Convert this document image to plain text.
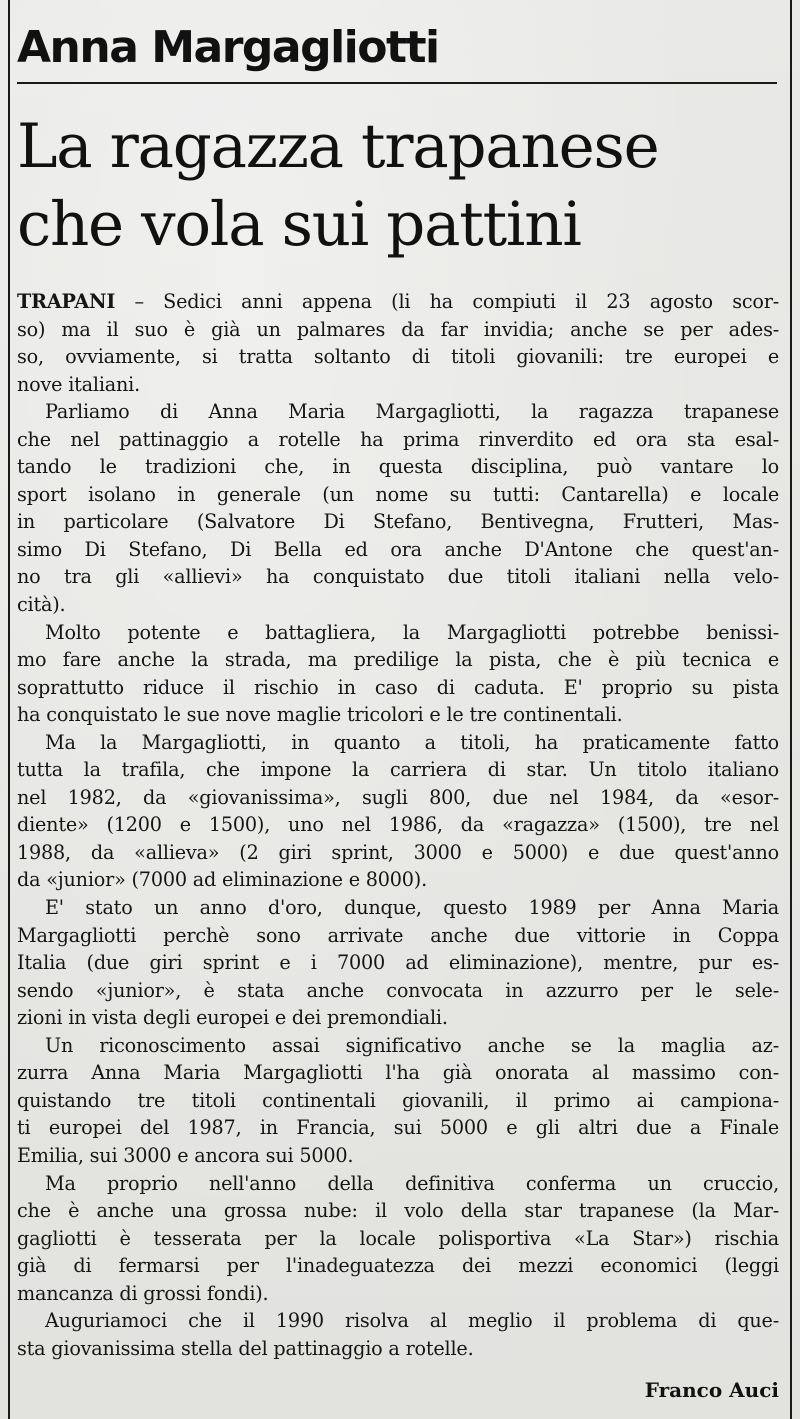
Anna Margagliotti
La ragazza trapanese
che vola sui pattini
TRAPANI – Sedici anni appena (li ha compiuti il 23 agosto scor-
so) ma il suo è già un palmares da far invidia; anche se per ades-
so, ovviamente, si tratta soltanto di titoli giovanili: tre europei e
nove italiani.
Parliamo di Anna Maria Margagliotti, la ragazza trapanese
che nel pattinaggio a rotelle ha prima rinverdito ed ora sta esal-
tando le tradizioni che, in questa disciplina, può vantare lo
sport isolano in generale (un nome su tutti: Cantarella) e locale
in particolare (Salvatore Di Stefano, Bentivegna, Frutteri, Mas-
simo Di Stefano, Di Bella ed ora anche D'Antone che quest'an-
no tra gli «allievi» ha conquistato due titoli italiani nella velo-
cità).
Molto potente e battagliera, la Margagliotti potrebbe benissi-
mo fare anche la strada, ma predilige la pista, che è più tecnica e
soprattutto riduce il rischio in caso di caduta. E' proprio su pista
ha conquistato le sue nove maglie tricolori e le tre continentali.
Ma la Margagliotti, in quanto a titoli, ha praticamente fatto
tutta la trafila, che impone la carriera di star. Un titolo italiano
nel 1982, da «giovanissima», sugli 800, due nel 1984, da «esor-
diente» (1200 e 1500), uno nel 1986, da «ragazza» (1500), tre nel
1988, da «allieva» (2 giri sprint, 3000 e 5000) e due quest'anno
da «junior» (7000 ad eliminazione e 8000).
E' stato un anno d'oro, dunque, questo 1989 per Anna Maria
Margagliotti perchè sono arrivate anche due vittorie in Coppa
Italia (due giri sprint e i 7000 ad eliminazione), mentre, pur es-
sendo «junior», è stata anche convocata in azzurro per le sele-
zioni in vista degli europei e dei premondiali.
Un riconoscimento assai significativo anche se la maglia az-
zurra Anna Maria Margagliotti l'ha già onorata al massimo con-
quistando tre titoli continentali giovanili, il primo ai campiona-
ti europei del 1987, in Francia, sui 5000 e gli altri due a Finale
Emilia, sui 3000 e ancora sui 5000.
Ma proprio nell'anno della definitiva conferma un cruccio,
che è anche una grossa nube: il volo della star trapanese (la Mar-
gagliotti è tesserata per la locale polisportiva «La Star») rischia
già di fermarsi per l'inadeguatezza dei mezzi economici (leggi
mancanza di grossi fondi).
Auguriamoci che il 1990 risolva al meglio il problema di que-
sta giovanissima stella del pattinaggio a rotelle.
Franco Auci
